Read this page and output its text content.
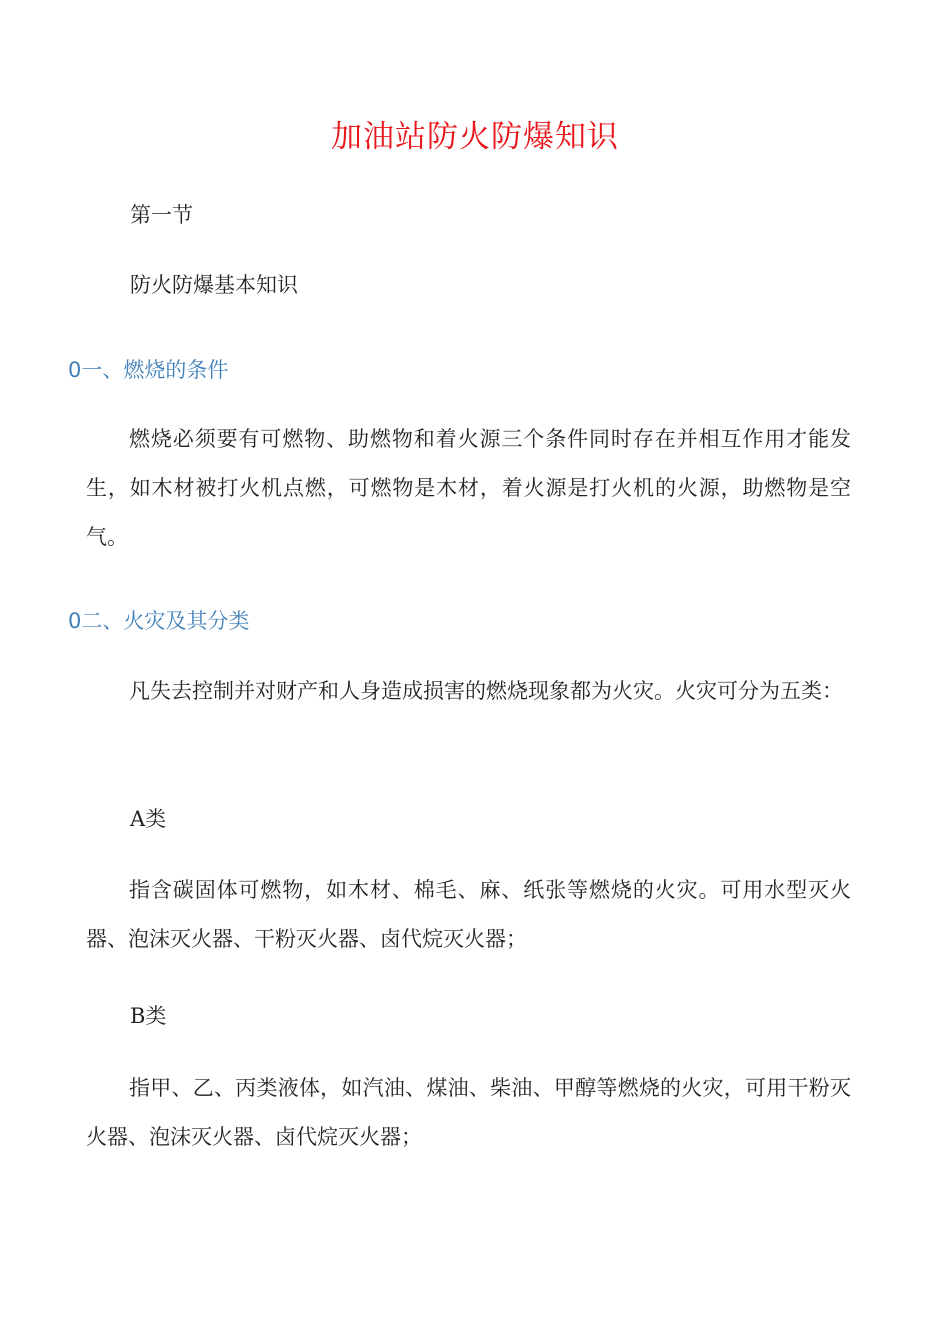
加油站防火防爆知识
第一节
防火防爆基本知识
0一、燃烧的条件
燃烧必须要有可燃物、助燃物和着火源三个条件同时存在并相互作用才能发生，如木材被打火机点燃，可燃物是木材，着火源是打火机的火源，助燃物是空气。
0二、火灾及其分类
凡失去控制并对财产和人身造成损害的燃烧现象都为火灾。火灾可分为五类：
A类
指含碳固体可燃物，如木材、棉毛、麻、纸张等燃烧的火灾。可用水型灭火器、泡沫灭火器、干粉灭火器、卤代烷灭火器；
B类
指甲、乙、丙类液体，如汽油、煤油、柴油、甲醇等燃烧的火灾，可用干粉灭火器、泡沫灭火器、卤代烷灭火器；
